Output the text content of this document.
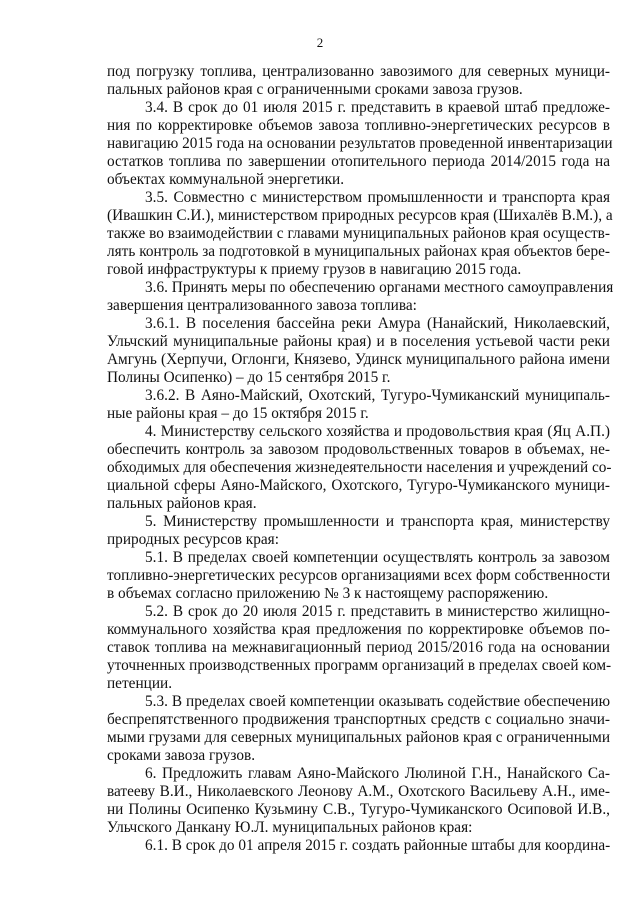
2
под погрузку топлива, централизованно завозимого для северных муници-
пальных районов края с ограниченными сроками завоза грузов.
3.4. В срок до 01 июля 2015 г. представить в краевой штаб предложе-
ния по корректировке объемов завоза топливно-энергетических ресурсов в
навигацию 2015 года на основании результатов проведенной инвентаризации
остатков топлива по завершении отопительного периода 2014/2015 года на
объектах коммунальной энергетики.
3.5. Совместно с министерством промышленности и транспорта края
(Ивашкин С.И.), министерством природных ресурсов края (Шихалёв В.М.), а
также во взаимодействии с главами муниципальных районов края осуществ-
лять контроль за подготовкой в муниципальных районах края объектов бере-
говой инфраструктуры к приему грузов в навигацию 2015 года.
3.6. Принять меры по обеспечению органами местного самоуправления
завершения централизованного завоза топлива:
3.6.1. В поселения бассейна реки Амура (Нанайский, Николаевский,
Ульчский муниципальные районы края) и в поселения устьевой части реки
Амгунь (Херпучи, Оглонги, Князево, Удинск муниципального района имени
Полины Осипенко) – до 15 сентября 2015 г.
3.6.2. В Аяно-Майский, Охотский, Тугуро-Чумиканский муниципаль-
ные районы края – до 15 октября 2015 г.
4. Министерству сельского хозяйства и продовольствия края (Яц А.П.)
обеспечить контроль за завозом продовольственных товаров в объемах, не-
обходимых для обеспечения жизнедеятельности населения и учреждений со-
циальной сферы Аяно-Майского, Охотского, Тугуро-Чумиканского муници-
пальных районов края.
5. Министерству промышленности и транспорта края, министерству
природных ресурсов края:
5.1. В пределах своей компетенции осуществлять контроль за завозом
топливно-энергетических ресурсов организациями всех форм собственности
в объемах согласно приложению № 3 к настоящему распоряжению.
5.2. В срок до 20 июля 2015 г. представить в министерство жилищно-
коммунального хозяйства края предложения по корректировке объемов по-
ставок топлива на межнавигационный период 2015/2016 года на основании
уточненных производственных программ организаций в пределах своей ком-
петенции.
5.3. В пределах своей компетенции оказывать содействие обеспечению
беспрепятственного продвижения транспортных средств с социально значи-
мыми грузами для северных муниципальных районов края с ограниченными
сроками завоза грузов.
6. Предложить главам Аяно-Майского Люлиной Г.Н., Нанайского Са-
ватееву В.И., Николаевского Леонову А.М., Охотского Васильеву А.Н., име-
ни Полины Осипенко Кузьмину С.В., Тугуро-Чумиканского Осиповой И.В.,
Ульчского Данкану Ю.Л. муниципальных районов края:
6.1. В срок до 01 апреля 2015 г. создать районные штабы для координа-
